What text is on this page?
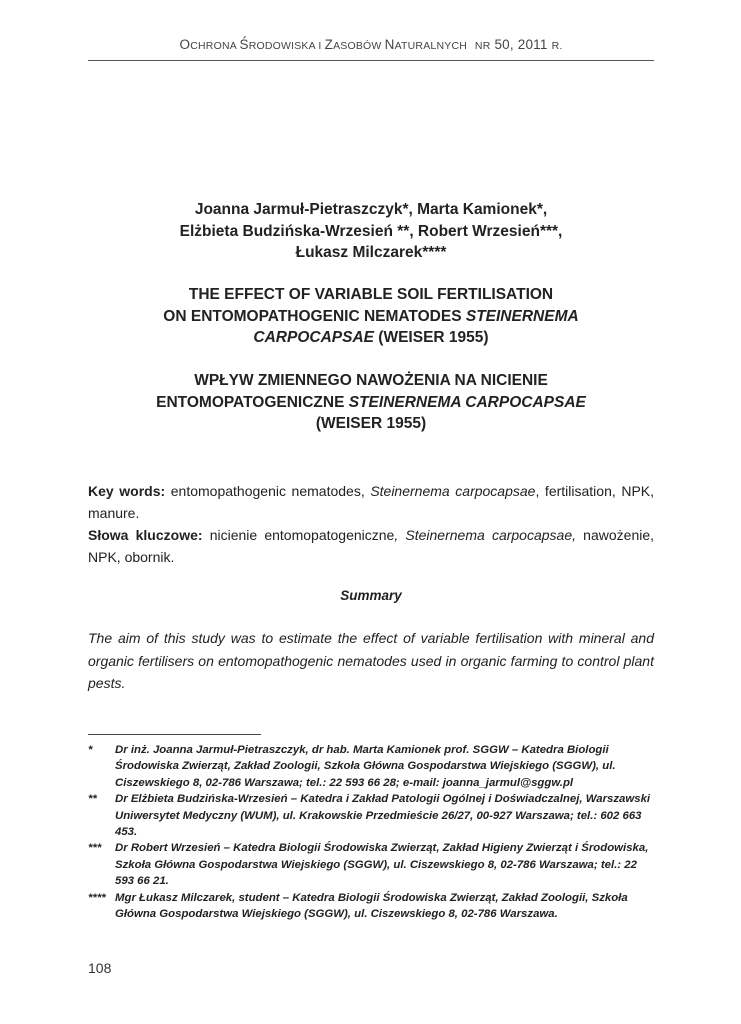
OCHRONA ŚRODOWISKA I ZASOBÓW NATURALNYCH NR 50, 2011 R.
Joanna Jarmuł-Pietraszczyk*, Marta Kamionek*,
Elżbieta Budzińska-Wrzesień **, Robert Wrzesień***,
Łukasz Milczarek****
THE EFFECT OF VARIABLE SOIL FERTILISATION
ON ENTOMOPATHOGENIC NEMATODES STEINERNEMA
CARPOCAPSAE (WEISER 1955)
WPŁYW ZMIENNEGO NAWOŻENIA NA NICIENIE
ENTOMOPATOGENICZNE STEINERNEMA CARPOCAPSAE
(WEISER 1955)
Key words: entomopathogenic nematodes, Steinernema carpocapsae, fertilisation, NPK, manure.
Słowa kluczowe: nicienie entomopatogeniczne, Steinernema carpocapsae, nawożenie, NPK, obornik.
Summary
The aim of this study was to estimate the effect of variable fertilisation with mineral and organic fertilisers on entomopathogenic nematodes used in organic farming to control plant pests.
*	Dr inż. Joanna Jarmuł-Pietraszczyk, dr hab. Marta Kamionek prof. SGGW – Katedra Biologii Środowiska Zwierząt, Zakład Zoologii, Szkoła Główna Gospodarstwa Wiejskiego (SGGW), ul. Ciszewskiego 8, 02-786 Warszawa; tel.: 22 593 66 28; e-mail: joanna_jarmul@sggw.pl
**	Dr Elżbieta Budzińska-Wrzesień – Katedra i Zakład Patologii Ogólnej i Doświadczalnej, Warszawski Uniwersytet Medyczny (WUM), ul. Krakowskie Przedmieście 26/27, 00-927 Warszawa; tel.: 602 663 453.
***	Dr Robert Wrzesień – Katedra Biologii Środowiska Zwierząt, Zakład Higieny Zwierząt i Środowiska, Szkoła Główna Gospodarstwa Wiejskiego (SGGW), ul. Ciszewskiego 8, 02-786 Warszawa; tel.: 22 593 66 21.
**** Mgr Łukasz Milczarek, student – Katedra Biologii Środowiska Zwierząt, Zakład Zoologii, Szkoła Główna Gospodarstwa Wiejskiego (SGGW), ul. Ciszewskiego 8, 02-786 Warszawa.
108
